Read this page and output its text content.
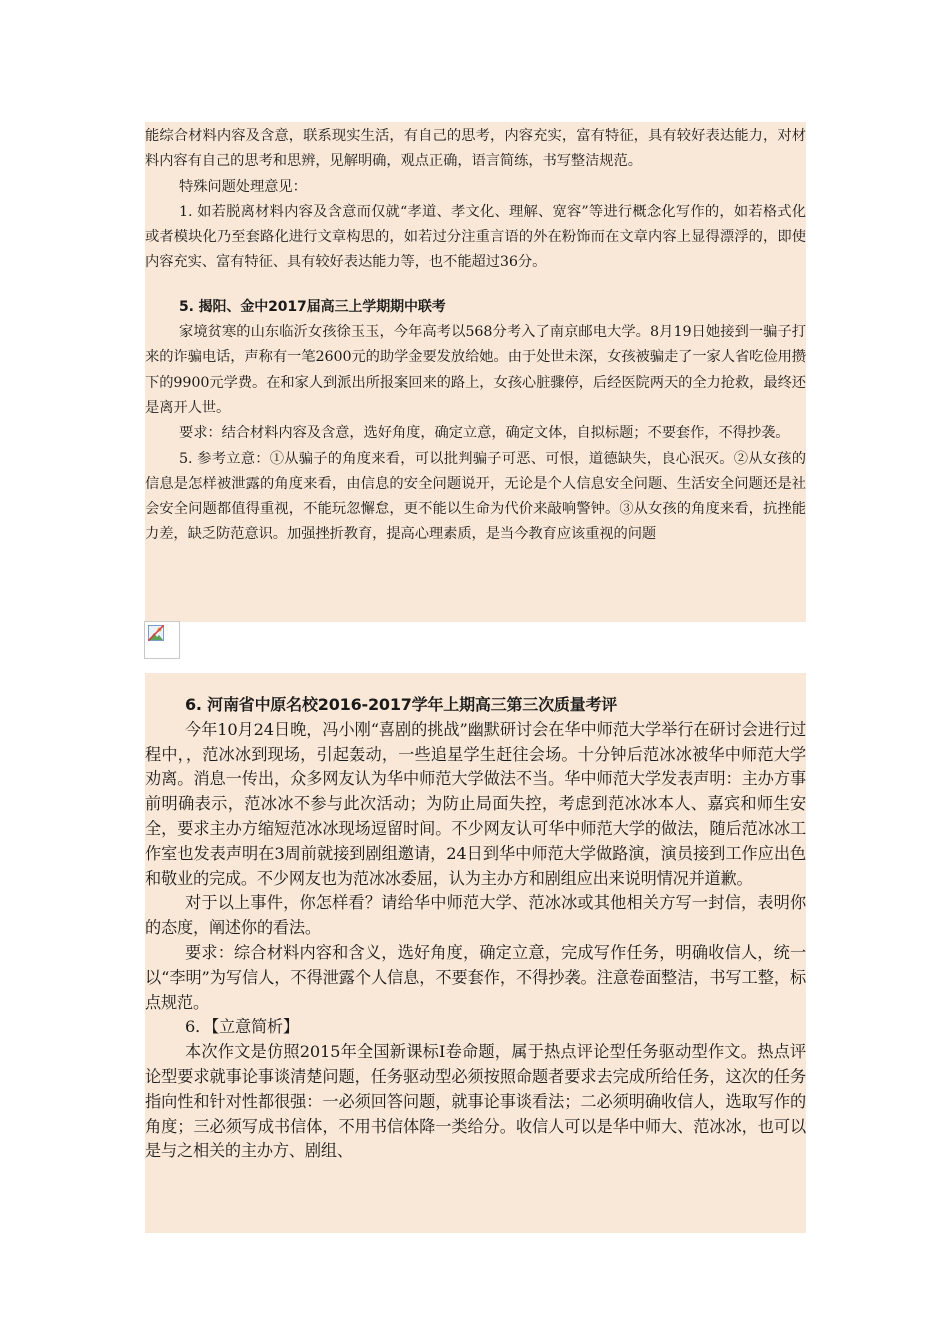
能综合材料内容及含意，联系现实生活，有自己的思考，内容充实，富有特征，具有较好表达能力，对材料内容有自己的思考和思辨，见解明确，观点正确，语言简练，书写整洁规范。

特殊问题处理意见：

1. 如若脱离材料内容及含意而仅就“孝道、孝文化、理解、宽容”等进行概念化写作的，如若格式化或者模块化乃至套路化进行文章构思的，如若过分注重言语的外在粉饰而在文章内容上显得漂浮的，即使内容充实、富有特征、具有较好表达能力等，也不能超过36分。

5. 揭阳、金中2017届高三上学期期中联考

家境贫寒的山东临沂女孩徐玉玉，今年高考以568分考入了南京邮电大学。8月19日她接到一骗子打来的诈骗电话，声称有一笔2600元的助学金要发放给她。由于处世未深，女孩被骗走了一家人省吃俭用攒下的9900元学费。在和家人到派出所报案回来的路上，女孩心脏骤停，后经医院两天的全力抢救，最终还是离开人世。

要求：结合材料内容及含意，选好角度，确定立意，确定文体，自拟标题；不要套作，不得抄袭。

5. 参考立意：①从骗子的角度来看，可以批判骗子可恶、可恨，道德缺失，良心泯灭。②从女孩的信息是怎样被泄露的角度来看，由信息的安全问题说开，无论是个人信息安全问题、生活安全问题还是社会安全问题都值得重视，不能玩忽懈怠，更不能以生命为代价来敲响警钟。③从女孩的角度来看，抗挫能力差，缺乏防范意识。加强挫折教育，提高心理素质，是当今教育应该重视的问题

6. 河南省中原名校2016-2017学年上期高三第三次质量考评

今年10月24日晚，冯小刚“喜剧的挑战”幽默研讨会在华中师范大学举行在研讨会进行过程中，，范冰冰到现场，引起轰动，一些追星学生赶往会场。十分钟后范冰冰被华中师范大学劝离。消息一传出，众多网友认为华中师范大学做法不当。华中师范大学发表声明：主办方事前明确表示，范冰冰不参与此次活动；为防止局面失控，考虑到范冰冰本人、嘉宾和师生安全，要求主办方缩短范冰冰现场逗留时间。不少网友认可华中师范大学的做法，随后范冰冰工作室也发表声明在3周前就接到剧组邀请，24日到华中师范大学做路演，演员接到工作应出色和敬业的完成。不少网友也为范冰冰委屈，认为主办方和剧组应出来说明情况并道歉。

对于以上事件，你怎样看？请给华中师范大学、范冰冰或其他相关方写一封信，表明你的态度，阐述你的看法。

要求：综合材料内容和含义，选好角度，确定立意，完成写作任务，明确收信人，统一以“李明”为写信人，不得泄露个人信息，不要套作，不得抄袭。注意卷面整洁，书写工整，标点规范。

6．【立意简析】

本次作文是仿照2015年全国新课标Ⅰ卷命题，属于热点评论型任务驱动型作文。热点评论型要求就事论事谈清楚问题，任务驱动型必须按照命题者要求去完成所给任务，这次的任务指向性和针对性都很强：一必须回答问题，就事论事谈看法；二必须明确收信人，选取写作的角度；三必须写成书信体，不用书信体降一类给分。收信人可以是华中师大、范冰冰，也可以是与之相关的主办方、剧组、
